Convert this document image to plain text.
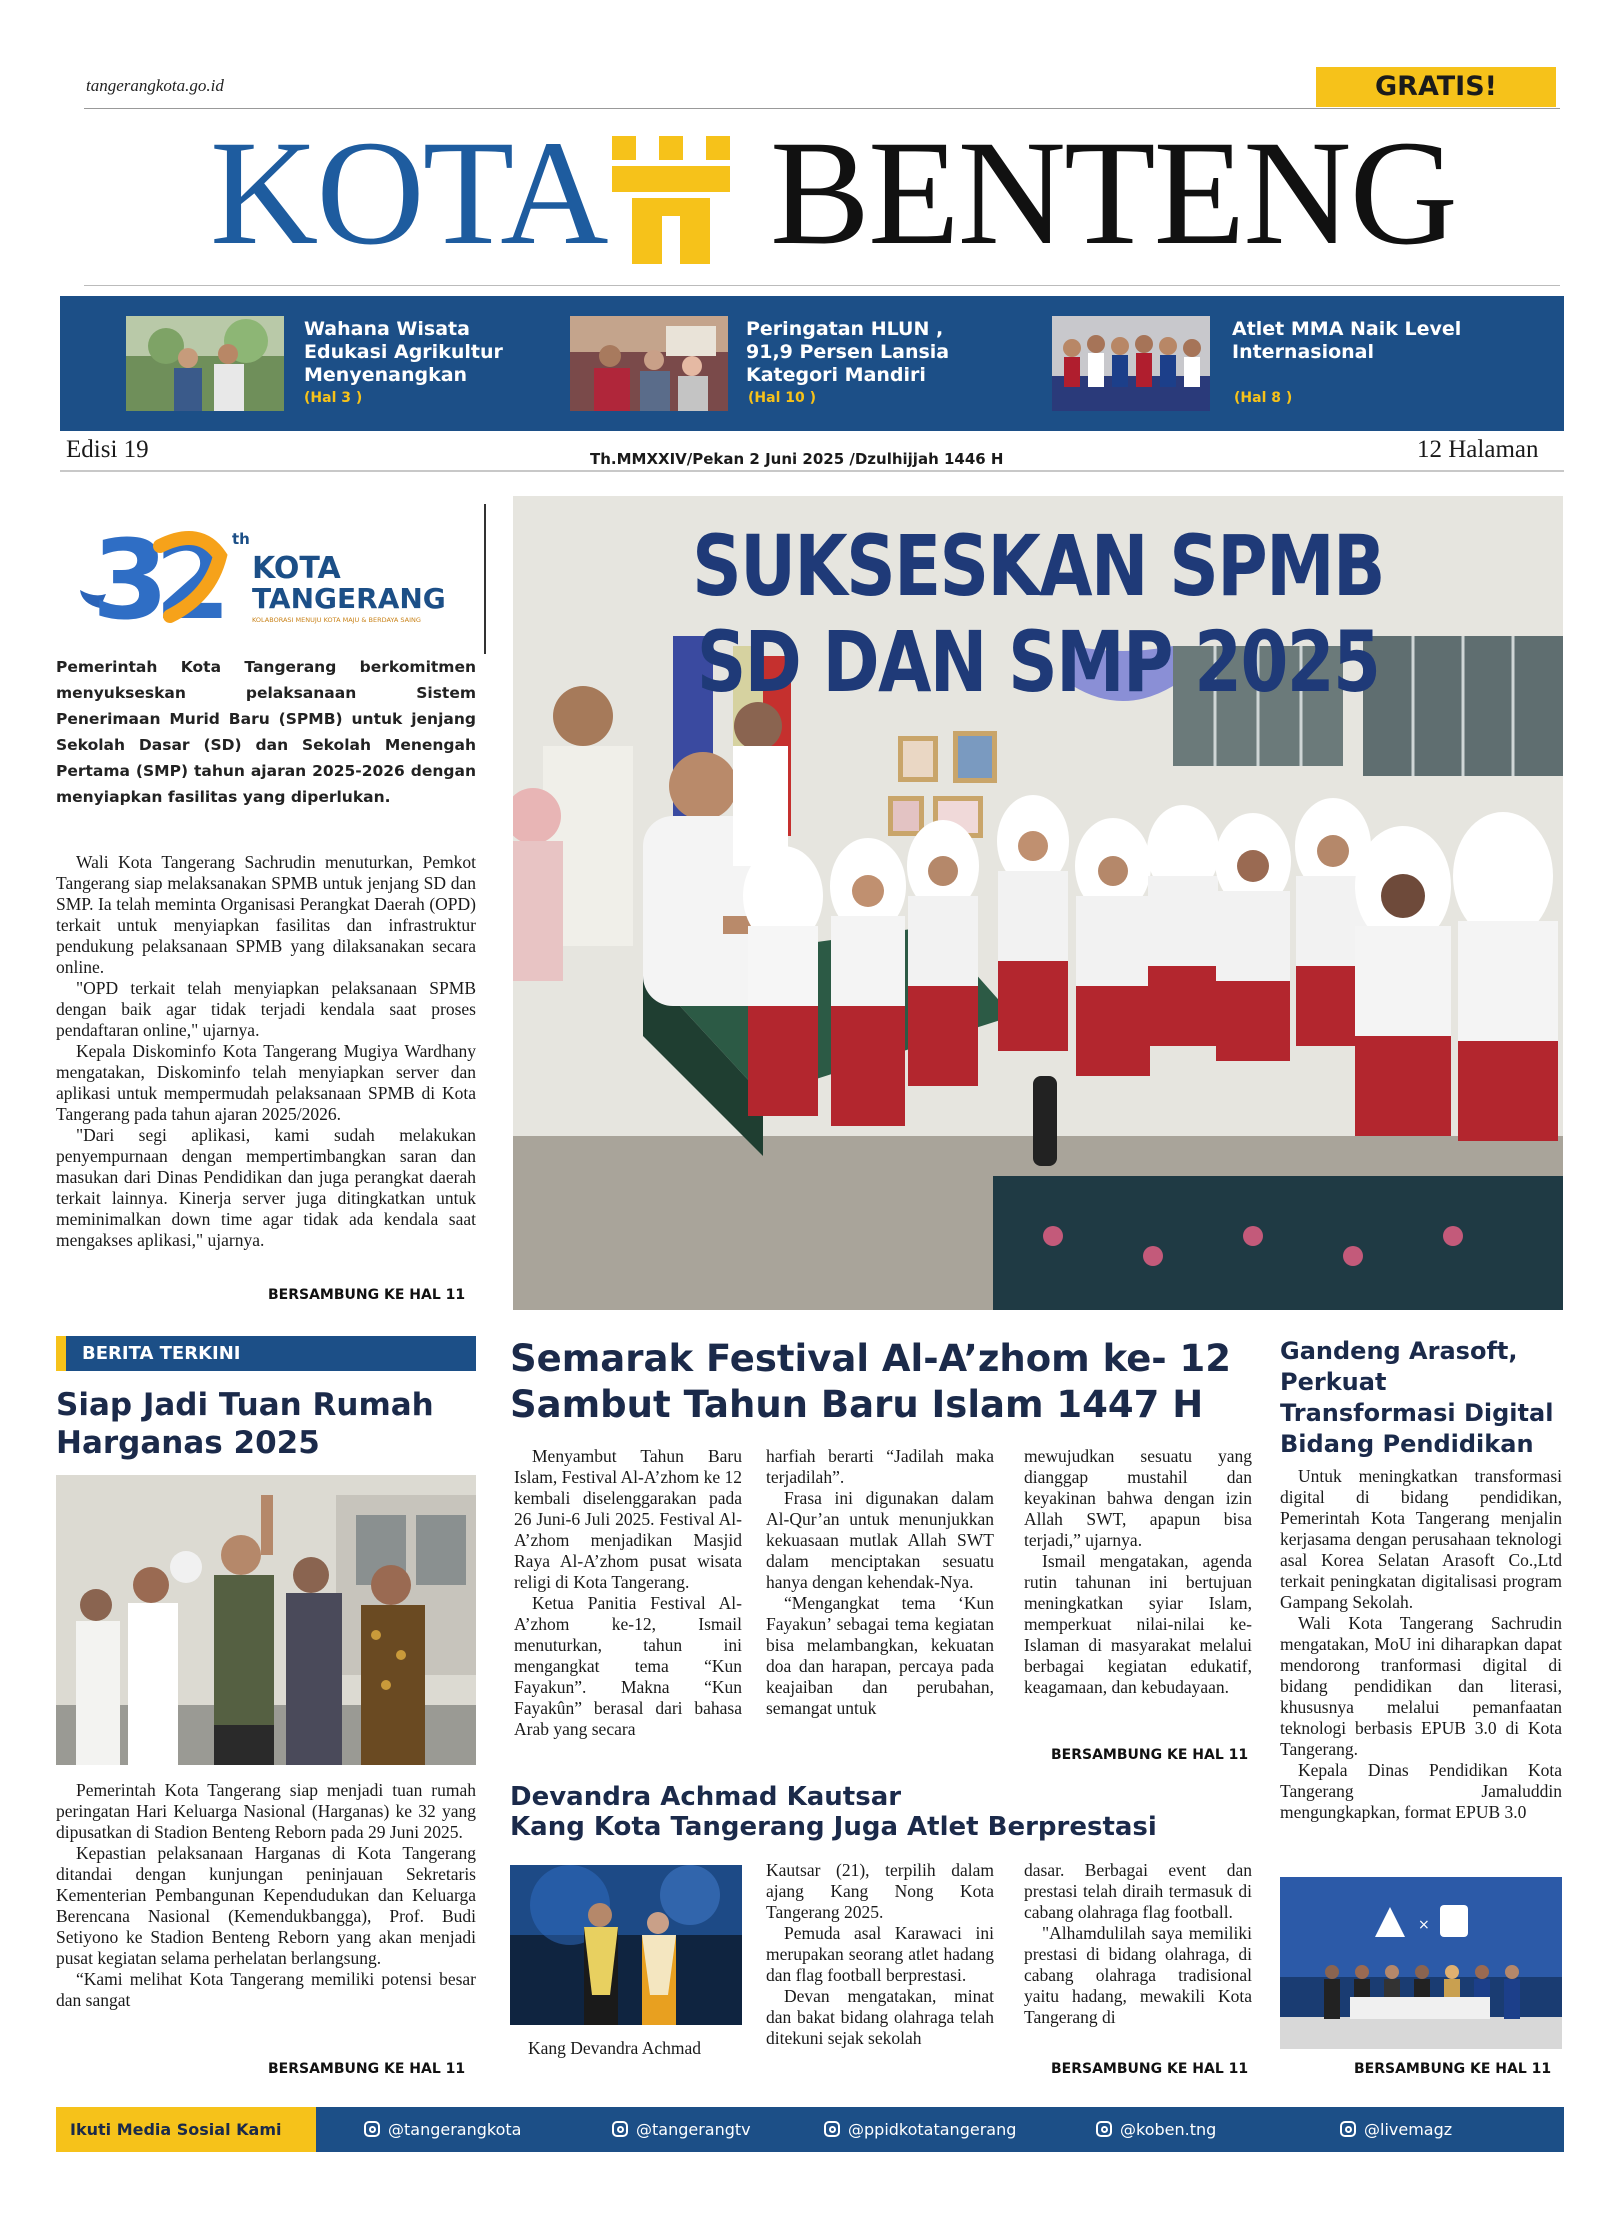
tangerangkota.go.id	GRATIS!
KOTA BENTENG
Wahana Wisata Edukasi Agrikultur Menyenangkan
(Hal 3 )
Peringatan HLUN , 91,9 Persen Lansia Kategori Mandiri
(Hal 10 )
Atlet MMA Naik Level Internasional
(Hal 8 )
Edisi 19	Th.MMXXIV/Pekan 2 Juni 2025 /Dzulhijjah 1446 H	12 Halaman
32 th
KOTA
TANGERANG
KOLABORASI MENUJU KOTA MAJU & BERDAYA SAING
Pemerintah Kota Tangerang berkomitmen menyukseskan pelaksanaan Sistem Penerimaan Murid Baru (SPMB) untuk jenjang Sekolah Dasar (SD) dan Sekolah Menengah Pertama (SMP) tahun ajaran 2025-2026 dengan menyiapkan fasilitas yang diperlukan.

Wali Kota Tangerang Sachrudin menuturkan, Pemkot Tangerang siap melaksanakan SPMB untuk jenjang SD dan SMP. Ia telah meminta Organisasi Perangkat Daerah (OPD) terkait untuk menyiapkan fasilitas dan infrastruktur pendukung pelaksanaan SPMB yang dilaksanakan secara online.

"OPD terkait telah menyiapkan pelaksanaan SPMB dengan baik agar tidak terjadi kendala saat proses pendaftaran online," ujarnya.

Kepala Diskominfo Kota Tangerang Mugiya Wardhany mengatakan, Diskominfo telah menyiapkan server dan aplikasi untuk mempermudah pelaksanaan SPMB di Kota Tangerang pada tahun ajaran 2025/2026.

"Dari segi aplikasi, kami sudah melakukan penyempurnaan dengan mempertimbangkan saran dan masukan dari Dinas Pendidikan dan juga perangkat daerah terkait lainnya. Kinerja server juga ditingkatkan untuk meminimalkan down time agar tidak ada kendala saat mengakses aplikasi," ujarnya.

BERSAMBUNG KE HAL 11
SUKSESKAN SPMB
SD DAN SMP 2025
BERITA TERKINI
Siap Jadi Tuan Rumah Harganas 2025

Pemerintah Kota Tangerang siap menjadi tuan rumah peringatan Hari Keluarga Nasional (Harganas) ke 32 yang dipusatkan di Stadion Benteng Reborn pada 29 Juni 2025.

Kepastian pelaksanaan Harganas di Kota Tangerang ditandai dengan kunjungan peninjauan Sekretaris Kementerian Pembangunan Kependudukan dan Keluarga Berencana Nasional (Kemendukbangga), Prof. Budi Setiyono ke Stadion Benteng Reborn yang akan menjadi pusat kegiatan selama perhelatan berlangsung.

“Kami melihat Kota Tangerang memiliki potensi besar dan sangat

BERSAMBUNG KE HAL 11
Semarak Festival Al-A’zhom ke- 12
Sambut Tahun Baru Islam 1447 H

Menyambut Tahun Baru Islam, Festival Al-A’zhom ke 12 kembali diselenggarakan pada 26 Juni-6 Juli 2025. Festival Al-A’zhom menjadikan Masjid Raya Al-A’zhom pusat wisata religi di Kota Tangerang.

Ketua Panitia Festival Al-A’zhom ke-12, Ismail menuturkan, tahun ini mengangkat tema “Kun Fayakun”. Makna “Kun Fayakûn” berasal dari bahasa Arab yang secara

harfiah berarti “Jadilah maka terjadilah”.

Frasa ini digunakan dalam Al-Qur’an untuk menunjukkan kekuasaan mutlak Allah SWT dalam menciptakan sesuatu hanya dengan kehendak-Nya.

“Mengangkat tema ‘Kun Fayakun’ sebagai tema kegiatan bisa melambangkan, kekuatan doa dan harapan, percaya pada keajaiban dan perubahan, semangat untuk

mewujudkan sesuatu yang dianggap mustahil dan keyakinan bahwa dengan izin Allah SWT, apapun bisa terjadi,” ujarnya.

Ismail mengatakan, agenda rutin tahunan ini bertujuan meningkatkan syiar Islam, memperkuat nilai-nilai ke-Islaman di masyarakat melalui berbagai kegiatan edukatif, keagamaan, dan kebudayaan.

BERSAMBUNG KE HAL 11
Gandeng Arasoft, Perkuat Transformasi Digital Bidang Pendidikan

Untuk meningkatkan transformasi digital di bidang pendidikan, Pemerintah Kota Tangerang menjalin kerjasama dengan perusahaan teknologi asal Korea Selatan Arasoft Co.,Ltd terkait peningkatan digitalisasi program Gampang Sekolah.

Wali Kota Tangerang Sachrudin mengatakan, MoU ini diharapkan dapat mendorong tranformasi digital di bidang pendidikan dan literasi, khususnya melalui pemanfaatan teknologi berbasis EPUB 3.0 di Kota Tangerang.

Kepala Dinas Pendidikan Kota Tangerang Jamaluddin mengungkapkan, format EPUB 3.0

×
BERSAMBUNG KE HAL 11
Devandra Achmad Kautsar
Kang Kota Tangerang Juga Atlet Berprestasi
Kang Devandra Achmad

Kautsar (21), terpilih dalam ajang Kang Nong Kota Tangerang 2025.

Pemuda asal Karawaci ini merupakan seorang atlet hadang dan flag football berprestasi.

Devan mengatakan, minat dan bakat bidang olahraga telah ditekuni sejak sekolah

dasar. Berbagai event dan prestasi telah diraih termasuk di cabang olahraga flag football.

"Alhamdulilah saya memiliki prestasi di bidang olahraga, di cabang olahraga tradisional yaitu hadang, mewakili Kota Tangerang di

BERSAMBUNG KE HAL 11
Ikuti Media Sosial Kami	@tangerangkota	@tangerangtv	@ppidkotatangerang	@koben.tng	@livemagz
